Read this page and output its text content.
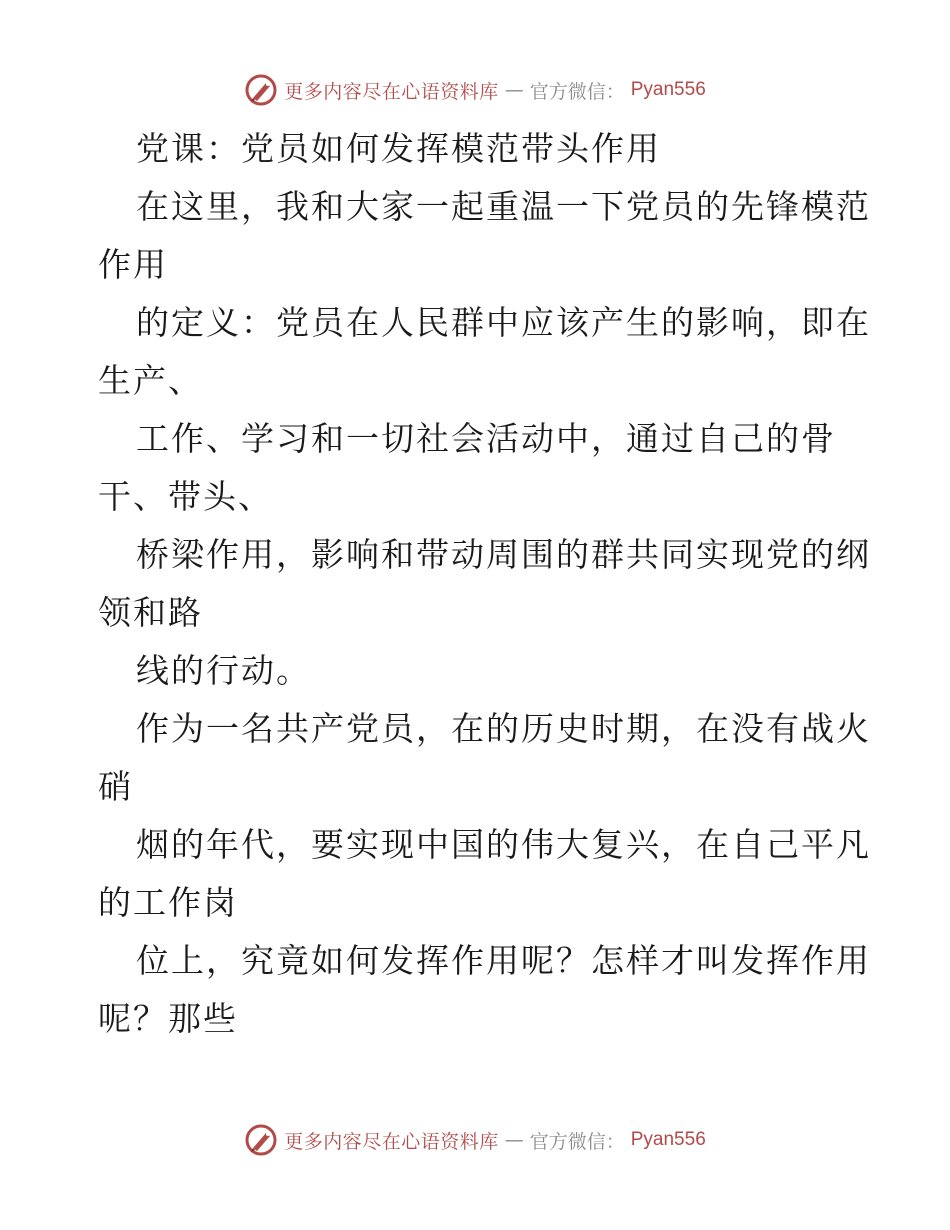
更多内容尽在心语资料库 — 官方微信： Pyan556
党课：党员如何发挥模范带头作用
在这里，我和大家一起重温一下党员的先锋模范
作用
的定义：党员在人民群中应该产生的影响，即在
生产、
工作、学习和一切社会活动中，通过自己的骨
干、带头、
桥梁作用，影响和带动周围的群共同实现党的纲
领和路
线的行动。
作为一名共产党员，在的历史时期，在没有战火
硝
烟的年代，要实现中国的伟大复兴，在自己平凡
的工作岗
位上，究竟如何发挥作用呢？怎样才叫发挥作用
呢？那些
更多内容尽在心语资料库 — 官方微信： Pyan556
